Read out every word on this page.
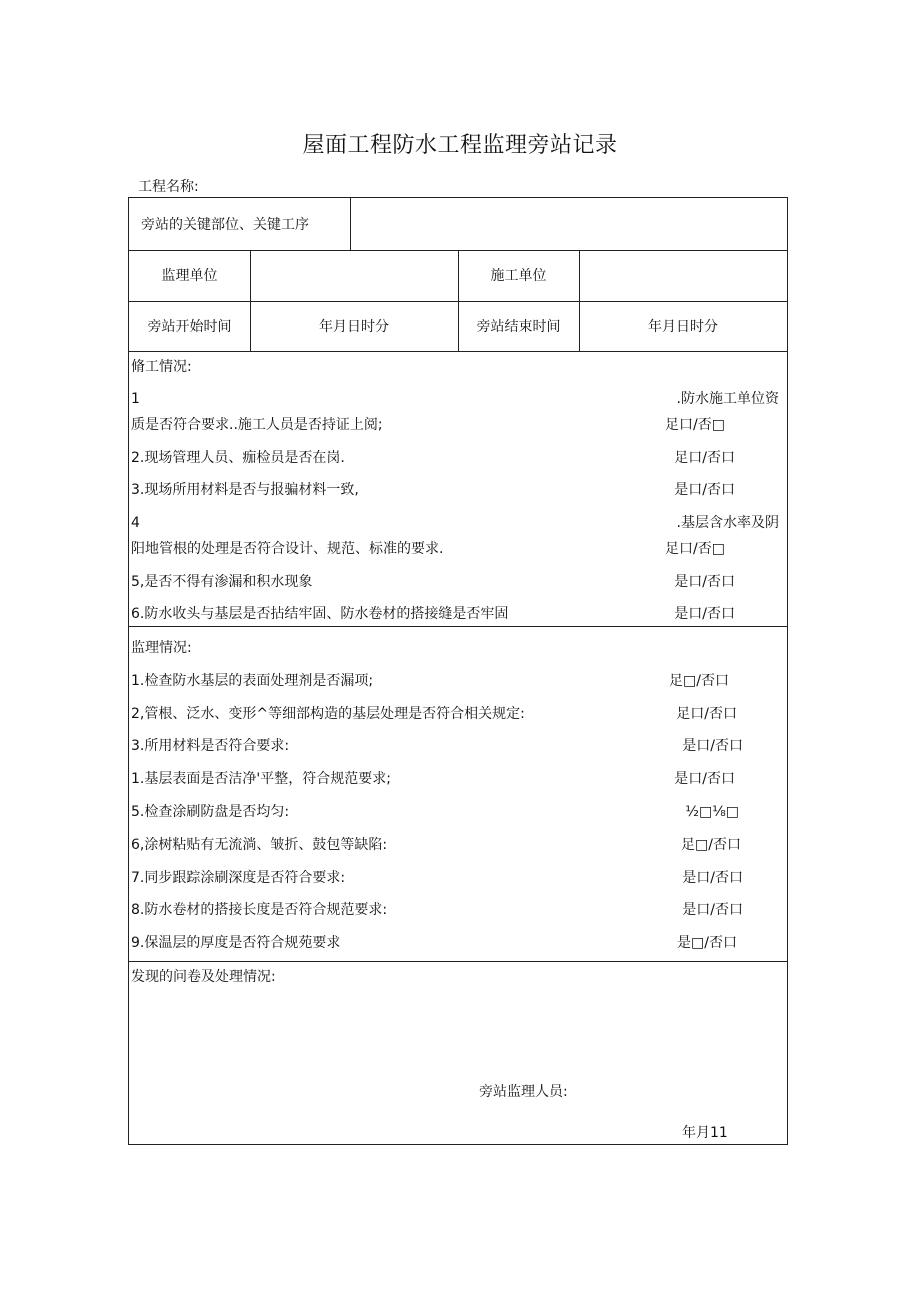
屋面工程防水工程监理旁站记录
工程名称:
旁站的关键部位、关键工序
监理单位	施工单位
旁站开始时间	年月日时分	旁站结束时间	年月日时分
脩工情况:
1	.防水施工单位资
质是否符合要求..施工人员是否持证上阅;	足口/否□
2.现场管理人员、痂检员是否在岗.	足口/否口
3.现场所用材料是否与报骗材料一致,	是口/否口
4	.基层含水率及阴
阳地管根的处理是否符合设计、规范、标准的要求.	足口/否□
5,是否不得有渗漏和积水现象	是口/否口
6.防水收头与基层是否拈结牢固、防水卷材的搭接缝是否牢固	是口/否口
监理情况:
1.检查防水基层的表面处理剂是否漏项;	足□/否口
2,管根、泛水、变形^等细部构造的基层处理是否符合相关规定:	足口/否口
3.所用材料是否符合要求:	是口/否口
1.基层表面是否洁净'平整，符合规范要求;	是口/否口
5.检查涂刷防盘是否均匀:	½□⅛□
6,涂树粘贴有无流淌、皱折、鼓包等缺陷:	足□/否口
7.同步跟踪涂刷深度是否符合要求:	是口/否口
8.防水卷材的搭接长度是否符合规范要求:	是口/否口
9.保温层的厚度是否符合规苑要求	是□/否口
发现的问卷及处理情况:
旁站监理人员:
年月11
